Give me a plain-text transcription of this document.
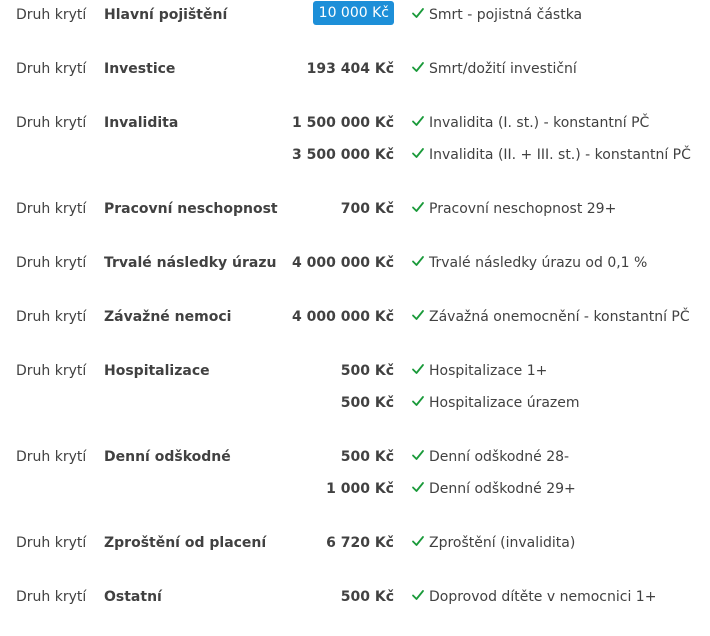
Druh krytí Hlavní pojištění	10 000 Kč	Smrt - pojistná částka
Druh krytí Investice	193 404 Kč	Smrt/dožití investiční
Druh krytí Invalidita	1 500 000 Kč	Invalidita (I. st.) - konstantní PČ
3 500 000 Kč	Invalidita (II. + III. st.) - konstantní PČ
Druh krytí Pracovní neschopnost	700 Kč	Pracovní neschopnost 29+
Druh krytí Trvalé následky úrazu 4 000 000 Kč	Trvalé následky úrazu od 0,1 %
Druh krytí Závažné nemoci	4 000 000 Kč	Závažná onemocnění - konstantní PČ
Druh krytí Hospitalizace	500 Kč	Hospitalizace 1+
500 Kč	Hospitalizace úrazem
Druh krytí Denní odškodné	500 Kč	Denní odškodné 28-
1 000 Kč	Denní odškodné 29+
Druh krytí Zproštění od placení	6 720 Kč	Zproštění (invalidita)
Druh krytí Ostatní	500 Kč	Doprovod dítěte v nemocnici 1+
